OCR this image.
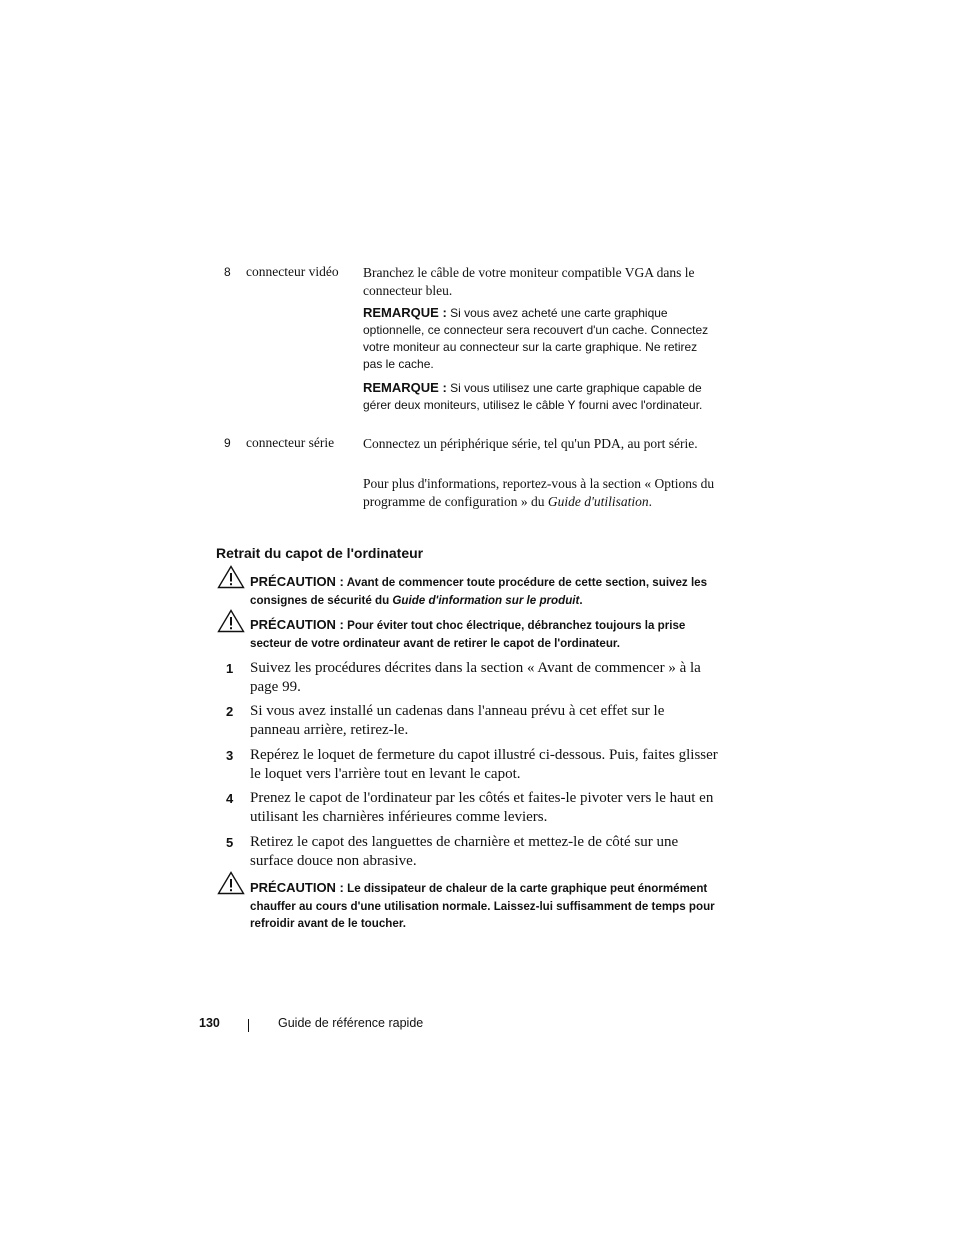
8 connecteur vidéo Branchez le câble de votre moniteur compatible VGA dans le connecteur bleu.
REMARQUE : Si vous avez acheté une carte graphique optionnelle, ce connecteur sera recouvert d'un cache. Connectez votre moniteur au connecteur sur la carte graphique. Ne retirez pas le cache.
REMARQUE : Si vous utilisez une carte graphique capable de gérer deux moniteurs, utilisez le câble Y fourni avec l'ordinateur.
9 connecteur série Connectez un périphérique série, tel qu'un PDA, au port série.
Pour plus d'informations, reportez-vous à la section « Options du programme de configuration » du Guide d'utilisation.
Retrait du capot de l'ordinateur
PRÉCAUTION : Avant de commencer toute procédure de cette section, suivez les consignes de sécurité du Guide d'information sur le produit.
PRÉCAUTION : Pour éviter tout choc électrique, débranchez toujours la prise secteur de votre ordinateur avant de retirer le capot de l'ordinateur.
1 Suivez les procédures décrites dans la section « Avant de commencer » à la page 99.
2 Si vous avez installé un cadenas dans l'anneau prévu à cet effet sur le panneau arrière, retirez-le.
3 Repérez le loquet de fermeture du capot illustré ci-dessous. Puis, faites glisser le loquet vers l'arrière tout en levant le capot.
4 Prenez le capot de l'ordinateur par les côtés et faites-le pivoter vers le haut en utilisant les charnières inférieures comme leviers.
5 Retirez le capot des languettes de charnière et mettez-le de côté sur une surface douce non abrasive.
PRÉCAUTION : Le dissipateur de chaleur de la carte graphique peut énormément chauffer au cours d'une utilisation normale. Laissez-lui suffisamment de temps pour refroidir avant de le toucher.
130	Guide de référence rapide
